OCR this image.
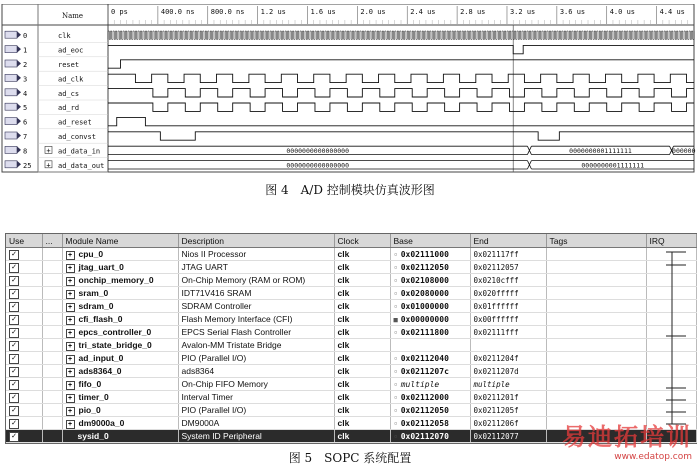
Name	0 ps	400.0 ns 800.0 ns 1.2 us	1.6 us	2.0 us	2.4 us	2.8 us	3.2 us	3.6 us	4.0 us	4.4 us
0	clk
1	ad_eoc
2	reset
3	ad_clk
4	ad_cs
5	ad_rd
6	ad_reset
7	ad_convst
8	+ ad_data_in
25 + ad_data_out
0000000000000000	0000000001111111	000000
0000000000000000	0000000001111111
图 4　A/D 控制模块仿真波形图
Use	...	Module Name	Description	Clock	Base	End	Tags	IRQ
✓		+ cpu_0	Nios II Processor	clk	◦ 0x02111000	0x021117ff		
✓		+ jtag_uart_0	JTAG UART	clk	◦ 0x02112050	0x02112057		
✓		+ onchip_memory_0	On-Chip Memory (RAM or ROM)	clk	◦ 0x02108000	0x0210cfff		
✓		+ sram_0	IDT71V416 SRAM	clk	◦ 0x02080000	0x020fffff		
✓		+ sdram_0	SDRAM Controller	clk	◦ 0x01000000	0x01ffffff		
✓		+ cfi_flash_0	Flash Memory Interface (CFI)	clk	■ 0x00000000	0x00ffffff		
✓		+ epcs_controller_0	EPCS Serial Flash Controller	clk	◦ 0x02111800	0x02111fff		
✓		+ tri_state_bridge_0	Avalon-MM Tristate Bridge	clk				
✓		+ ad_input_0	PIO (Parallel I/O)	clk	◦ 0x02112040	0x0211204f		
✓		+ ads8364_0	ads8364	clk	◦ 0x0211207c	0x0211207d		
✓		+ fifo_0	On-Chip FIFO Memory	clk	◦ multiple	multiple		
✓		+ timer_0	Interval Timer	clk	◦ 0x02112000	0x0211201f		
✓		+ pio_0	PIO (Parallel I/O)	clk	◦ 0x02112050	0x0211205f		
✓		+ dm9000a_0	DM9000A	clk	◦ 0x02112058	0x0211206f		
✓		sysid_0	System ID Peripheral	clk	◦ 0x02112070	0x02112077		
图 5　SOPC 系统配置
易迪拓培训
www.edatop.com
